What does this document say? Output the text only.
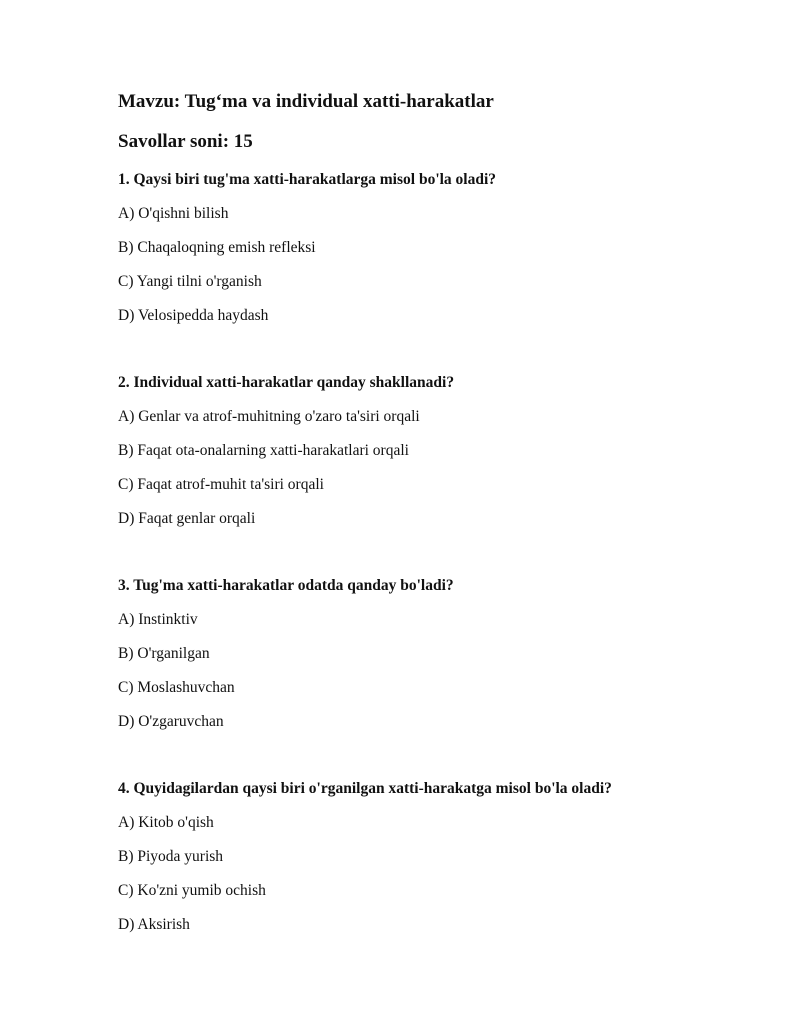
Mavzu: Tug‘ma va individual xatti-harakatlar
Savollar soni: 15

1. Qaysi biri tug'ma xatti-harakatlarga misol bo'la oladi?

A) O'qishni bilish

B) Chaqaloqning emish refleksi

C) Yangi tilni o'rganish

D) Velosipedda haydash

2. Individual xatti-harakatlar qanday shakllanadi?

A) Genlar va atrof-muhitning o'zaro ta'siri orqali

B) Faqat ota-onalarning xatti-harakatlari orqali

C) Faqat atrof-muhit ta'siri orqali

D) Faqat genlar orqali

3. Tug'ma xatti-harakatlar odatda qanday bo'ladi?

A) Instinktiv

B) O'rganilgan

C) Moslashuvchan

D) O'zgaruvchan

4. Quyidagilardan qaysi biri o'rganilgan xatti-harakatga misol bo'la oladi?

A) Kitob o'qish

B) Piyoda yurish

C) Ko'zni yumib ochish

D) Aksirish
